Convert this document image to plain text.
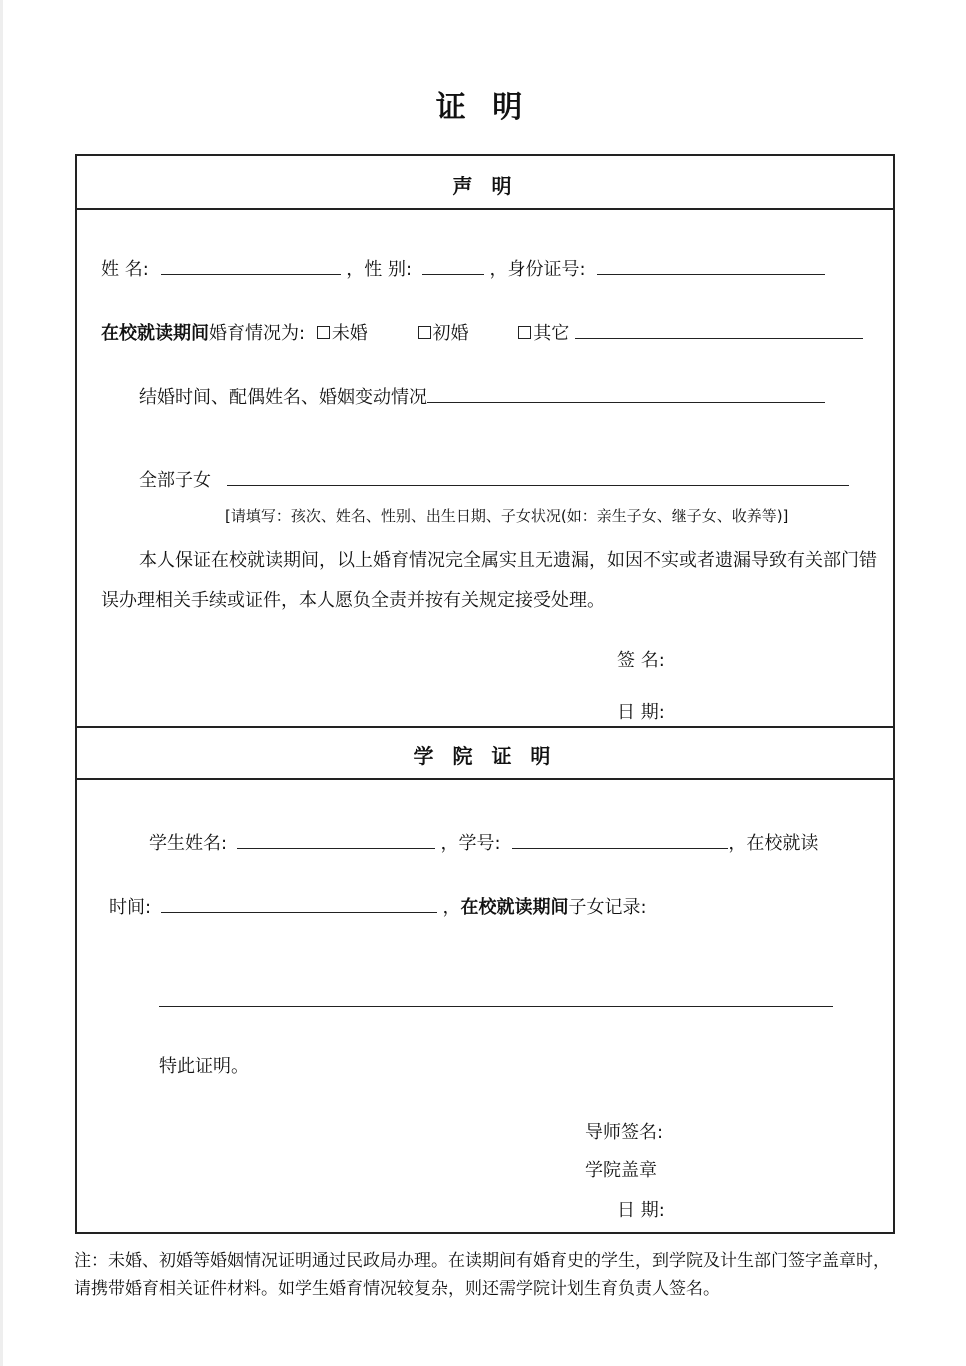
证 明
声 明
姓 名:	，性 别:	，身份证号:
在校就读期间婚育情况为: 未婚	初婚	其它
结婚时间、配偶姓名、婚姻变动情况
全部子女
[请填写：孩次、姓名、性别、出生日期、子女状况(如：亲生子女、继子女、收养等)]
本人保证在校就读期间，以上婚育情况完全属实且无遗漏，如因不实或者遗漏导致有关部门错误办理相关手续或证件，本人愿负全责并按有关规定接受处理。
签 名:
日 期:
学 院 证 明
学生姓名:	，学号:	，在校就读
时间:	，在校就读期间子女记录:
特此证明。
导师签名:
学院盖章
日 期:
注：未婚、初婚等婚姻情况证明通过民政局办理。在读期间有婚育史的学生，到学院及计生部门签字盖章时，请携带婚育相关证件材料。如学生婚育情况较复杂，则还需学院计划生育负责人签名。
